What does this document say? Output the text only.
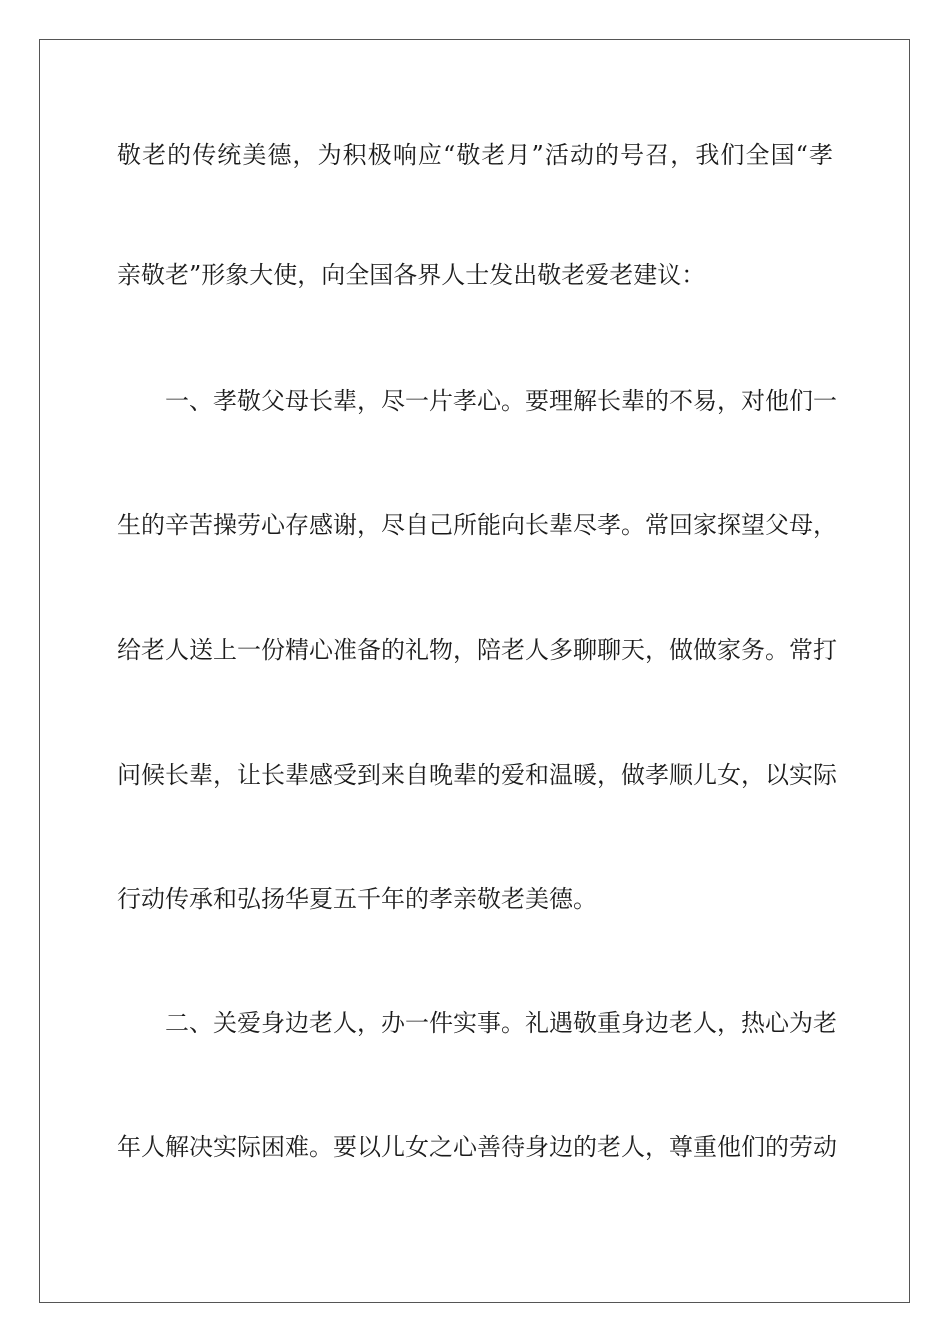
敬老的传统美德，为积极响应“敬老月”活动的号召，我们全国“孝
亲敬老”形象大使，向全国各界人士发出敬老爱老建议：
一、孝敬父母长辈，尽一片孝心。要理解长辈的不易，对他们一
生的辛苦操劳心存感谢，尽自己所能向长辈尽孝。常回家探望父母，
给老人送上一份精心准备的礼物，陪老人多聊聊天，做做家务。常打
问候长辈，让长辈感受到来自晚辈的爱和温暖，做孝顺儿女，以实际
行动传承和弘扬华夏五千年的孝亲敬老美德。
二、关爱身边老人，办一件实事。礼遇敬重身边老人，热心为老
年人解决实际困难。要以儿女之心善待身边的老人，尊重他们的劳动
